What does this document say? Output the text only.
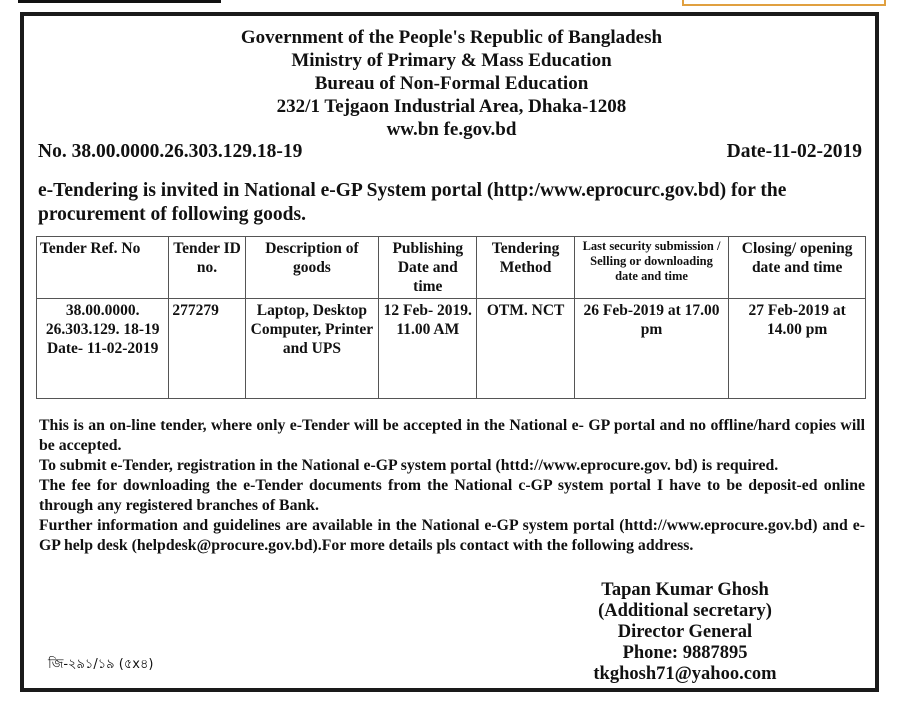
Government of the People's Republic of Bangladesh
Ministry of Primary & Mass Education
Bureau of Non-Formal Education
232/1 Tejgaon Industrial Area, Dhaka-1208
ww.bn fe.gov.bd
No. 38.00.0000.26.303.129.18-19	Date-11-02-2019
e-Tendering is invited in National e-GP System portal (http:/www.eprocurc.gov.bd) for the procurement of following goods.
Tender Ref. No	Tender ID no.	Description of goods	Publishing Date and time	Tendering Method	Last security submission / Selling or downloading date and time	Closing/ opening date and time
38.00.0000. 26.303.129. 18-19 Date- 11-02-2019	277279	Laptop, Desktop Computer, Printer and UPS	12 Feb- 2019. 11.00 AM	OTM. NCT	26 Feb-2019 at 17.00 pm	27 Feb-2019 at 14.00 pm

This is an on-line tender, where only e-Tender will be accepted in the National e- GP portal and no offline/hard copies will be accepted.

To submit e-Tender, registration in the National e-GP system portal (httd://www.eprocure.gov. bd) is required.

The fee for downloading the e-Tender documents from the National c-GP system portal I have to be deposit-ed online through any registered branches of Bank.

Further information and guidelines are available in the National e-GP system portal (httd://www.eprocure.gov.bd) and e-GP help desk (helpdesk@procure.gov.bd).For more details pls contact with the following address.

Tapan Kumar Ghosh
(Additional secretary)
Director General
Phone: 9887895
tkghosh71@yahoo.com
জি-২৯১/১৯ (৫x৪)
